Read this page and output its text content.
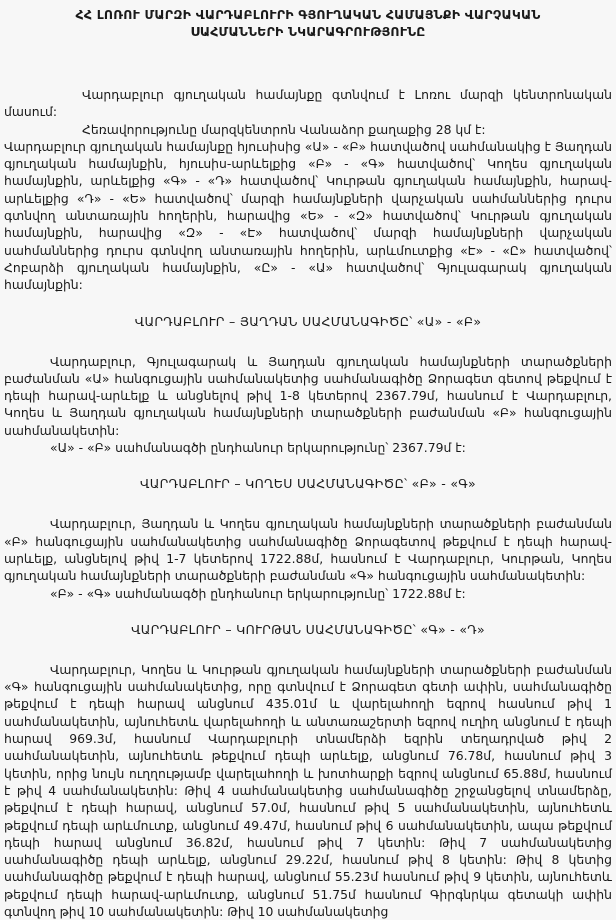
ՀՀ ԼՈՌՈՒ ՄԱՐԶԻ ՎԱՐԴԱԲԼՈՒՐԻ ԳՅՈՒՂԱԿԱՆ ՀԱՄԱՅՆՔԻ ՎԱՐՉԱԿԱՆ
ՍԱՀՄԱՆՆԵՐԻ ՆԿԱՐԱԳՐՈՒԹՅՈՒՆԸ

Վարդաբլուր գյուղական համայնքը գտնվում է Լոռու մարզի կենտրոնական մասում:

Հեռավորությունը մարզկենտրոն Վանաձոր քաղաքից 28 կմ է:

Վարդաբլուր գյուղական համայնքը հյուսիսից «Ա» - «Բ» հատվածով սահմանակից է Յաղդան գյուղական համայնքին, հյուսիս-արևելքից «Բ» - «Գ» հատվածով՝ Կողես գյուղական համայնքին, արևելքից «Գ» - «Դ» հատվածով՝ Կուրթան գյուղական համայնքին, հարավ-արևելքից «Դ» - «Ե» հատվածով՝ մարզի համայնքների վարչական սահմաններից դուրս գտնվող անտառային հողերին, հարավից «Ե» - «Զ» հատվածով՝ Կուրթան գյուղական համայնքին, հարավից «Զ» - «Է» հատվածով՝ մարզի համայնքների վարչական սահմաններից դուրս գտնվող անտառային հողերին, արևմուտքից «Է» - «Ը» հատվածով՝ Հոբարձի գյուղական համայնքին, «Ը» - «Ա» հատվածով՝ Գյուլագարակ գյուղական համայնքին:

ՎԱՐԴԱԲԼՈՒՐ – ՅԱՂԴԱՆ ՍԱՀՄԱՆԱԳԻԾԸ՝ «Ա» - «Բ»

Վարդաբլուր, Գյուլագարակ և Յաղդան գյուղական համայնքների տարածքների բաժանման «Ա» հանգուցային սահմանակետից սահմանագիծը Ձորագետ գետով թեքվում է դեպի հարավ-արևելք և անցնելով թիվ 1-8 կետերով 2367.79մ, հասնում է Վարդաբլուր, Կողես և Յաղդան գյուղական համայնքների տարածքների բաժանման «Բ» հանգուցային սահմանակետին:

«Ա» - «Բ» սահմանագծի ընդհանուր երկարությունը՝ 2367.79մ է:

ՎԱՐԴԱԲԼՈՒՐ – ԿՈՂԵՍ ՍԱՀՄԱՆԱԳԻԾԸ՝ «Բ» - «Գ»

Վարդաբլուր, Յաղդան և Կողես գյուղական համայնքների տարածքների բաժանման «Բ» հանգուցային սահմանակետից սահմանագիծը Ձորագետով թեքվում է դեպի հարավ-արևելք, անցնելով թիվ 1-7 կետերով 1722.88մ, հասնում է Վարդաբլուր, Կուրթան, Կողես գյուղական համայնքների տարածքների բաժանման «Գ» հանգուցային սահմանակետին:

«Բ» - «Գ» սահմանագծի ընդհանուր երկարությունը՝ 1722.88մ է:

ՎԱՐԴԱԲԼՈՒՐ – ԿՈՒՐԹԱՆ ՍԱՀՄԱՆԱԳԻԾԸ՝ «Գ» - «Դ»

Վարդաբլուր, Կողես և Կուրթան գյուղական համայնքների տարածքների բաժանման «Գ» հանգուցային սահմանակետից, որը գտնվում է Ձորագետ գետի ափին, սահմանագիծը թեքվում է դեպի հարավ անցնում 435.01մ և վարելահողի եզրով հասնում թիվ 1 սահմանակետին, այնուհետև վարելահողի և անտառաշերտի եզրով ուղիղ անցնում է դեպի հարավ 969.3մ, հասնում Վարդաբլուրի տնամերձի եզրին տեղադրված թիվ 2 սահմանակետին, այնուհետև թեքվում դեպի արևելք, անցնում 76.78մ, հասնում թիվ 3 կետին, որից նույն ուղղությամբ վարելահողի և խոտհարքի եզրով անցնում 65.88մ, հասնում է թիվ 4 սահմանակետին: Թիվ 4 սահմանակետից սահմանագիծը շրջանցելով տնամերձը, թեքվում է դեպի հարավ, անցնում 57.0մ, հասնում թիվ 5 սահմանակետին, այնուհետև թեքվում դեպի արևմուտք, անցնում 49.47մ, հասնում թիվ 6 սահմանակետին, ապա թեքվում դեպի հարավ անցնում 36.82մ, հասնում թիվ 7 կետին: Թիվ 7 սահմանակետից սահմանագիծը դեպի արևելք, անցնում 29.22մ, հասնում թիվ 8 կետին: Թիվ 8 կետից սահմանագիծը թեքվում է դեպի հարավ, անցնում 55.23մ հասնում թիվ 9 կետին, այնուհետև թեքվում դեպի հարավ-արևմուտք, անցնում 51.75մ հասնում Գիրգնրկա գետակի ափին գտնվող թիվ 10 սահմանակետին: Թիվ 10 սահմանակետից
